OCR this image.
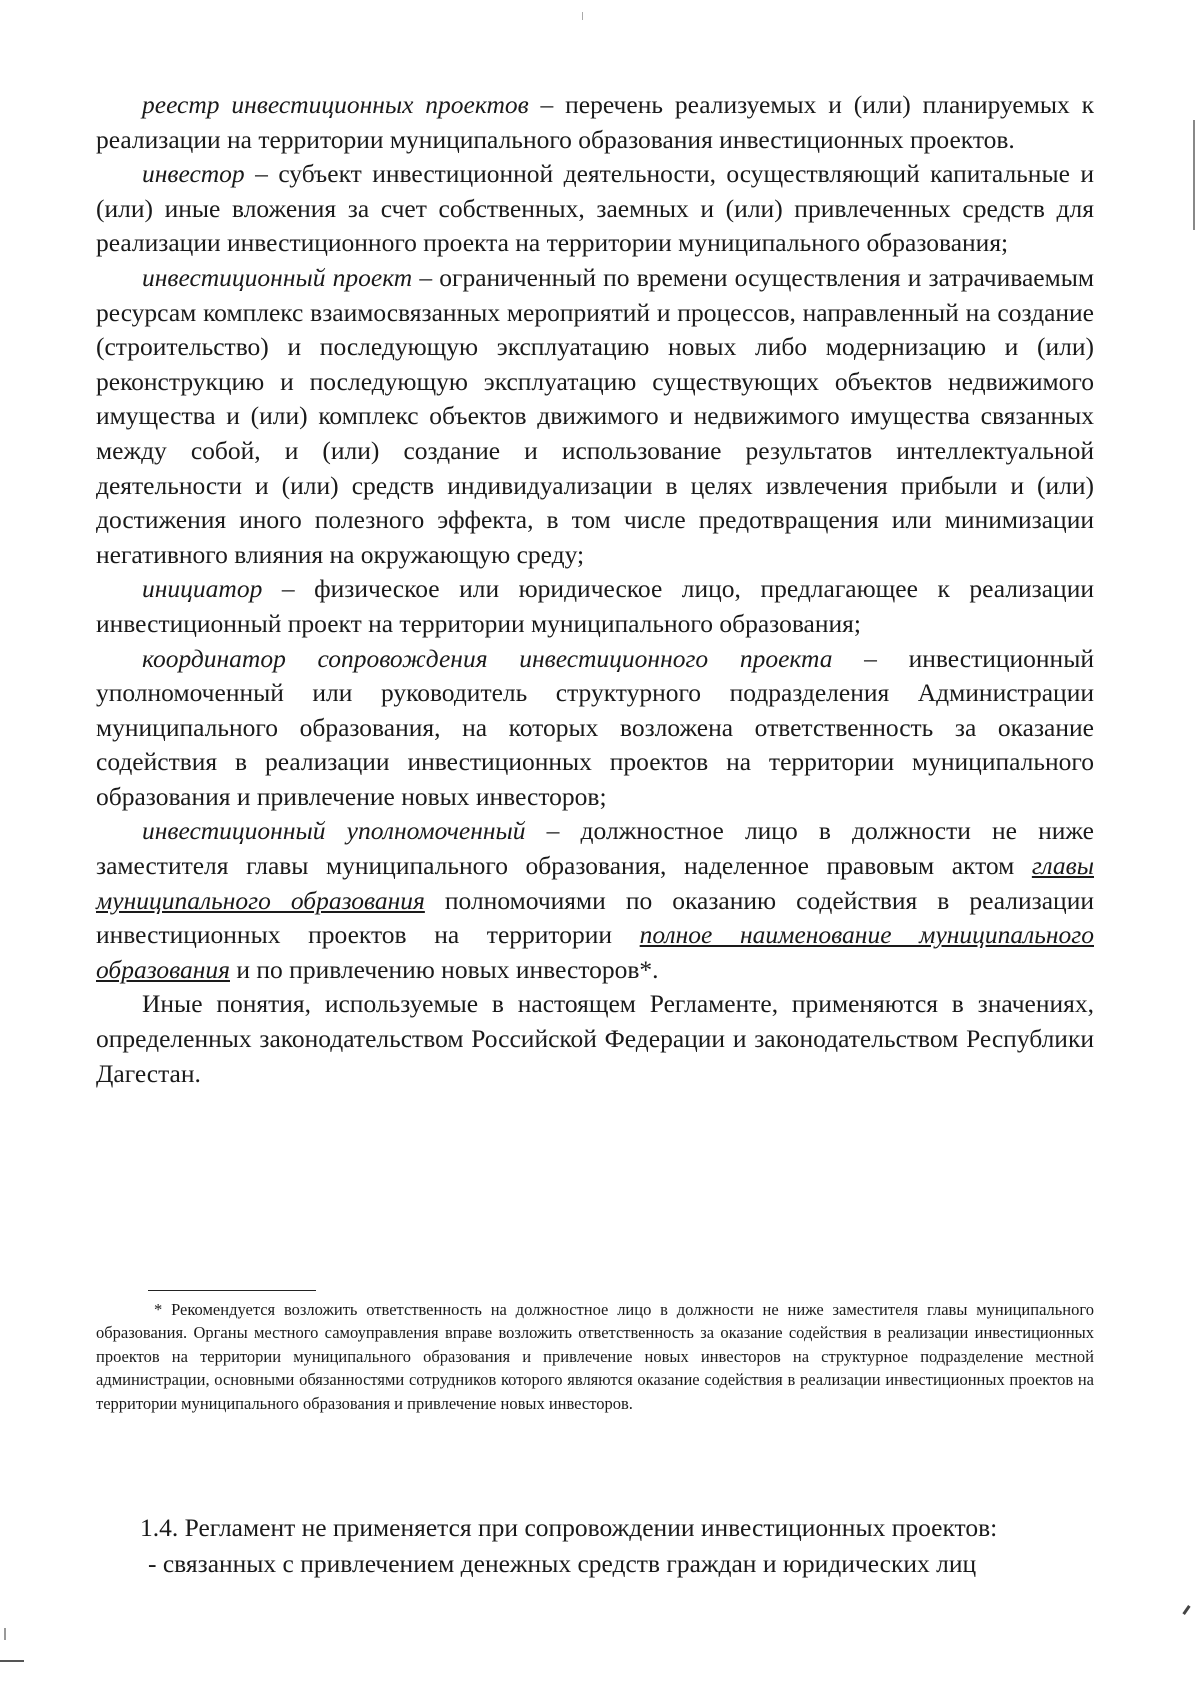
реестр инвестиционных проектов – перечень реализуемых и (или) планируемых к реализации на территории муниципального образования инвестиционных проектов.

инвестор – субъект инвестиционной деятельности, осуществляющий капитальные и (или) иные вложения за счет собственных, заемных и (или) привлеченных средств для реализации инвестиционного проекта на территории муниципального образования;

инвестиционный проект – ограниченный по времени осуществления и затрачиваемым ресурсам комплекс взаимосвязанных мероприятий и процессов, направленный на создание (строительство) и последующую эксплуатацию новых либо модернизацию и (или) реконструкцию и последующую эксплуатацию существующих объектов недвижимого имущества и (или) комплекс объектов движимого и недвижимого имущества связанных между собой, и (или) создание и использование результатов интеллектуальной деятельности и (или) средств индивидуализации в целях извлечения прибыли и (или) достижения иного полезного эффекта, в том числе предотвращения или минимизации негативного влияния на окружающую среду;

инициатор – физическое или юридическое лицо, предлагающее к реализации инвестиционный проект на территории муниципального образования;

координатор сопровождения инвестиционного проекта – инвестиционный уполномоченный или руководитель структурного подразделения Администрации муниципального образования, на которых возложена ответственность за оказание содействия в реализации инвестиционных проектов на территории муниципального образования и привлечение новых инвесторов;

инвестиционный уполномоченный – должностное лицо в должности не ниже заместителя главы муниципального образования, наделенное правовым актом главы муниципального образования полномочиями по оказанию содействия в реализации инвестиционных проектов на территории полное наименование муниципального образования и по привлечению новых инвесторов*.

Иные понятия, используемые в настоящем Регламенте, применяются в значениях, определенных законодательством Российской Федерации и законодательством Республики Дагестан.

* Рекомендуется возложить ответственность на должностное лицо в должности не ниже заместителя главы муниципального образования. Органы местного самоуправления вправе возложить ответственность за оказание содействия в реализации инвестиционных проектов на территории муниципального образования и привлечение новых инвесторов на структурное подразделение местной администрации, основными обязанностями сотрудников которого являются оказание содействия в реализации инвестиционных проектов на территории муниципального образования и привлечение новых инвесторов.

1.4. Регламент не применяется при сопровождении инвестиционных проектов:

- связанных с привлечением денежных средств граждан и юридических лиц
